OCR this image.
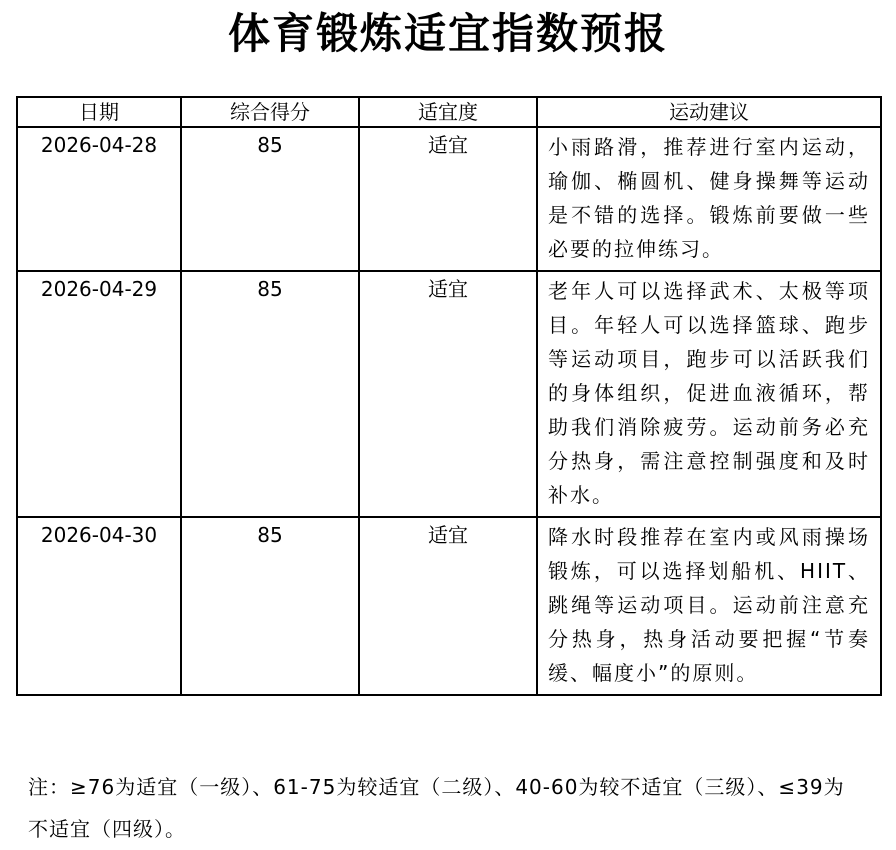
体育锻炼适宜指数预报
日期	综合得分	适宜度	运动建议
2026-04-28	85	适宜	小雨路滑，推荐进行室内运动，瑜伽、椭圆机、健身操舞等运动是不错的选择。锻炼前要做一些必要的拉伸练习。
2026-04-29	85	适宜	老年人可以选择武术、太极等项目。年轻人可以选择篮球、跑步等运动项目，跑步可以活跃我们的身体组织，促进血液循环，帮助我们消除疲劳。运动前务必充分热身，需注意控制强度和及时补水。
2026-04-30	85	适宜	降水时段推荐在室内或风雨操场锻炼，可以选择划船机、HIIT、跳绳等运动项目。运动前注意充分热身，热身活动要把握“节奏缓、幅度小”的原则。
注：≥76为适宜（一级）、61-75为较适宜（二级）、40-60为较不适宜（三级）、≤39为不适宜（四级）。
